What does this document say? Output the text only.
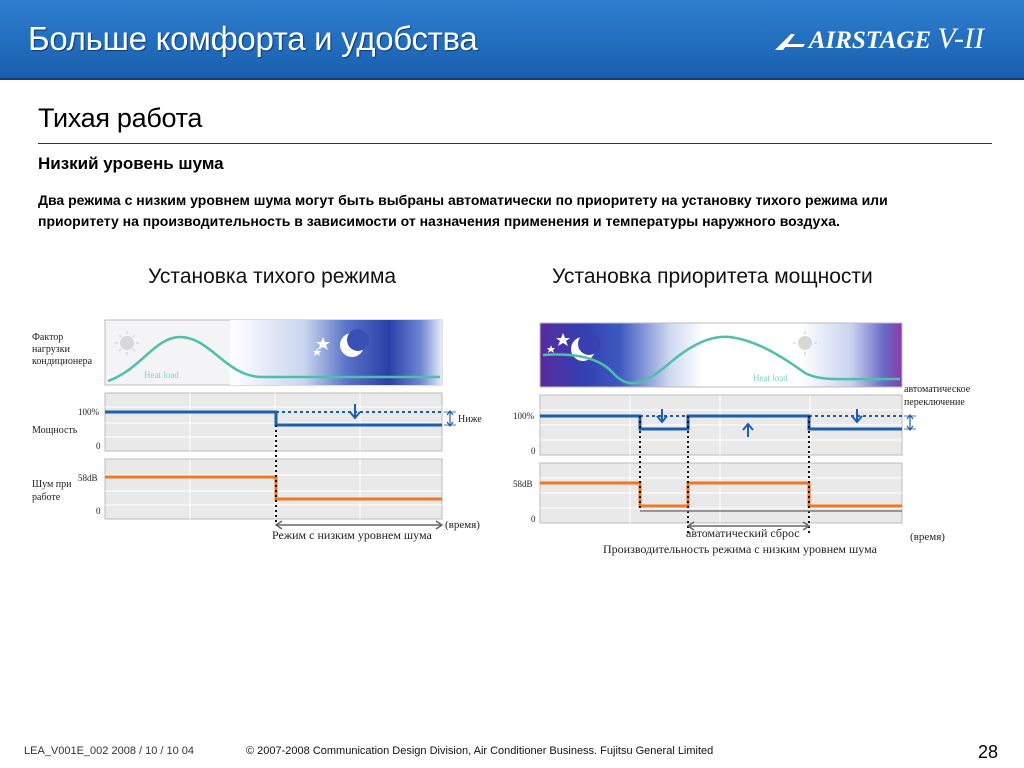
Больше комфорта и удобства	AIRSTAGE V-II
Тихая работа
Низкий уровень шума
Два режима с низким уровнем шума могут быть выбраны автоматически по приоритету на установку тихого режима или приоритету на производительность в зависимости от назначения применения и температуры наружного воздуха.
Установка тихого режима	Установка приоритета мощности
Heat load
Фактор нагрузки кондиционера
100%
0
Мощность
Ниже
58dB
0
Шум при работе
(время)
Режим с низким уровнем шума
Heat load
100%
0
автоматическое переключение
58dB
0
автоматический сброс	(время)
Производительность режима с низким уровнем шума
LEA_V001E_002 2008 / 10 / 10 04	© 2007-2008 Communication Design Division, Air Conditioner Business. Fujitsu General Limited	28
